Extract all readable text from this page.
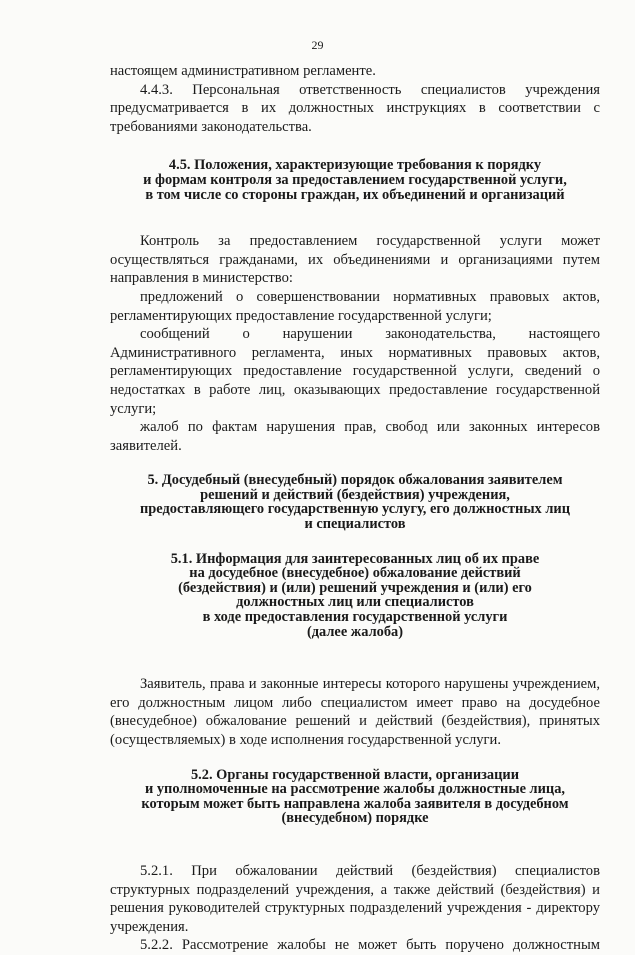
29

настоящем административном регламенте.

4.4.3. Персональная ответственность специалистов учреждения предусматривается в их должностных инструкциях в соответствии с требованиями законодательства.

4.5. Положения, характеризующие требования к порядку
и формам контроля за предоставлением государственной услуги,
в том числе со стороны граждан, их объединений и организаций

Контроль за предоставлением государственной услуги может осуществляться гражданами, их объединениями и организациями путем направления в министерство:

предложений о совершенствовании нормативных правовых актов, регламентирующих предоставление государственной услуги;

сообщений о нарушении законодательства, настоящего Административного регламента, иных нормативных правовых актов, регламентирующих предоставление государственной услуги, сведений о недостатках в работе лиц, оказывающих предоставление государственной услуги;

жалоб по фактам нарушения прав, свобод или законных интересов заявителей.

5. Досудебный (внесудебный) порядок обжалования заявителем
решений и действий (бездействия) учреждения,
предоставляющего государственную услугу, его должностных лиц
и специалистов
5.1. Информация для заинтересованных лиц об их праве
на досудебное (внесудебное) обжалование действий
(бездействия) и (или) решений учреждения и (или) его
должностных лиц или специалистов
в ходе предоставления государственной услуги
(далее жалоба)

Заявитель, права и законные интересы которого нарушены учреждением, его должностным лицом либо специалистом имеет право на досудебное (внесудебное) обжалование решений и действий (бездействия), принятых (осуществляемых) в ходе исполнения государственной услуги.

5.2. Органы государственной власти, организации
и уполномоченные на рассмотрение жалобы должностные лица,
которым может быть направлена жалоба заявителя в досудебном
(внесудебном) порядке

5.2.1. При обжаловании действий (бездействия) специалистов структурных подразделений учреждения, а также действий (бездействия) и решения руководителей структурных подразделений учреждения - директору учреждения.

5.2.2. Рассмотрение жалобы не может быть поручено должностным
